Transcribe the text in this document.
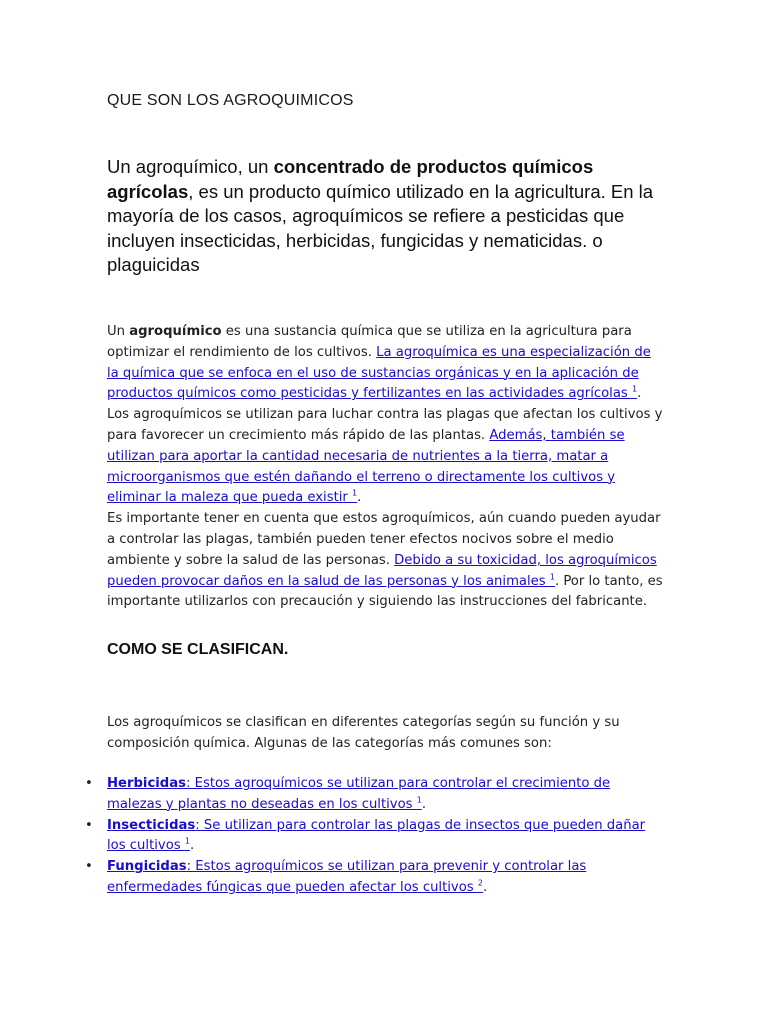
QUE SON LOS AGROQUIMICOS
Un agroquímico, un concentrado de productos químicos agrícolas, es un producto químico utilizado en la agricultura. En la mayoría de los casos, agroquímicos se refiere a pesticidas que incluyen insecticidas, herbicidas, fungicidas y nematicidas. o plaguicidas

Un agroquímico es una sustancia química que se utiliza en la agricultura para optimizar el rendimiento de los cultivos. La agroquímica es una especialización de la química que se enfoca en el uso de sustancias orgánicas y en la aplicación de productos químicos como pesticidas y fertilizantes en las actividades agrícolas $^1$.

Los agroquímicos se utilizan para luchar contra las plagas que afectan los cultivos y para favorecer un crecimiento más rápido de las plantas. Además, también se utilizan para aportar la cantidad necesaria de nutrientes a la tierra, matar a microorganismos que estén dañando el terreno o directamente los cultivos y eliminar la maleza que pueda existir $^1$.

Es importante tener en cuenta que estos agroquímicos, aún cuando pueden ayudar a controlar las plagas, también pueden tener efectos nocivos sobre el medio ambiente y sobre la salud de las personas. Debido a su toxicidad, los agroquímicos pueden provocar daños en la salud de las personas y los animales $^1$. Por lo tanto, es importante utilizarlos con precaución y siguiendo las instrucciones del fabricante.

COMO SE CLASIFICAN.

Los agroquímicos se clasifican en diferentes categorías según su función y su composición química. Algunas de las categorías más comunes son:

• Herbicidas: Estos agroquímicos se utilizan para controlar el crecimiento de malezas y plantas no deseadas en los cultivos $^1$.
• Insecticidas: Se utilizan para controlar las plagas de insectos que pueden dañar los cultivos $^1$.
• Fungicidas: Estos agroquímicos se utilizan para prevenir y controlar las enfermedades fúngicas que pueden afectar los cultivos $^2$.
